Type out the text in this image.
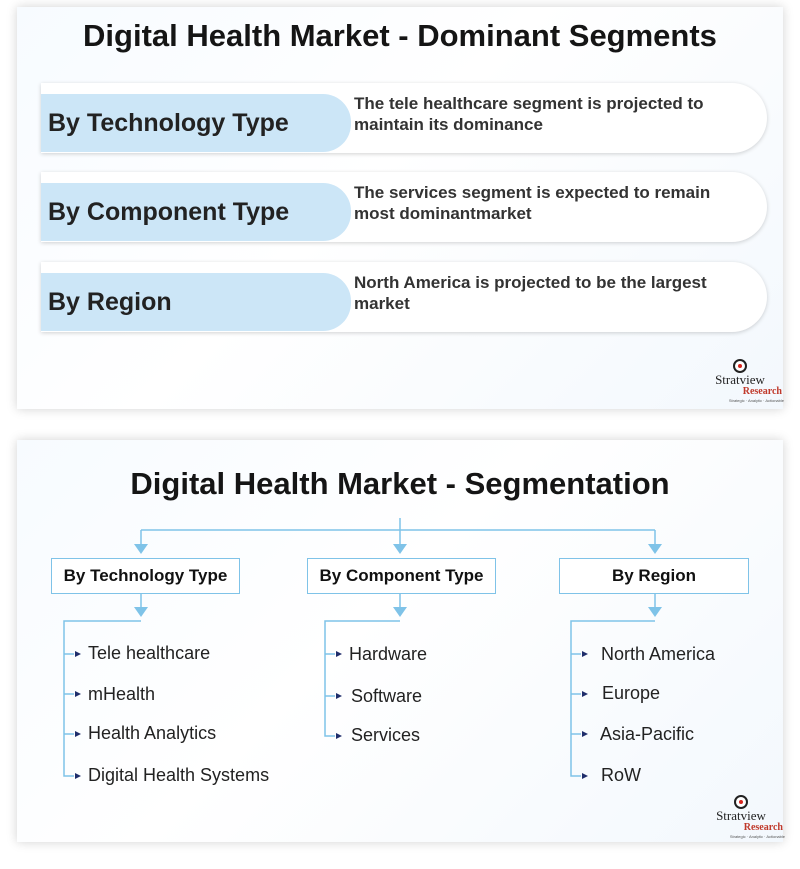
Digital Health Market - Dominant Segments
By Technology Type
The tele healthcare segment is projected to maintain its dominance
By Component Type
The services segment is expected to remain most dominantmarket
By Region
North America is projected to be the largest market
Stratview
Research
Strategic · Analytic · Actionable
Digital Health Market - Segmentation
By Technology Type	By Component Type	By Region
Tele healthcare
mHealth
Health Analytics
Digital Health Systems
Hardware
Software
Services
North America
Europe
Asia-Pacific
RoW
Stratview
Research
Strategic · Analytic · Actionable
